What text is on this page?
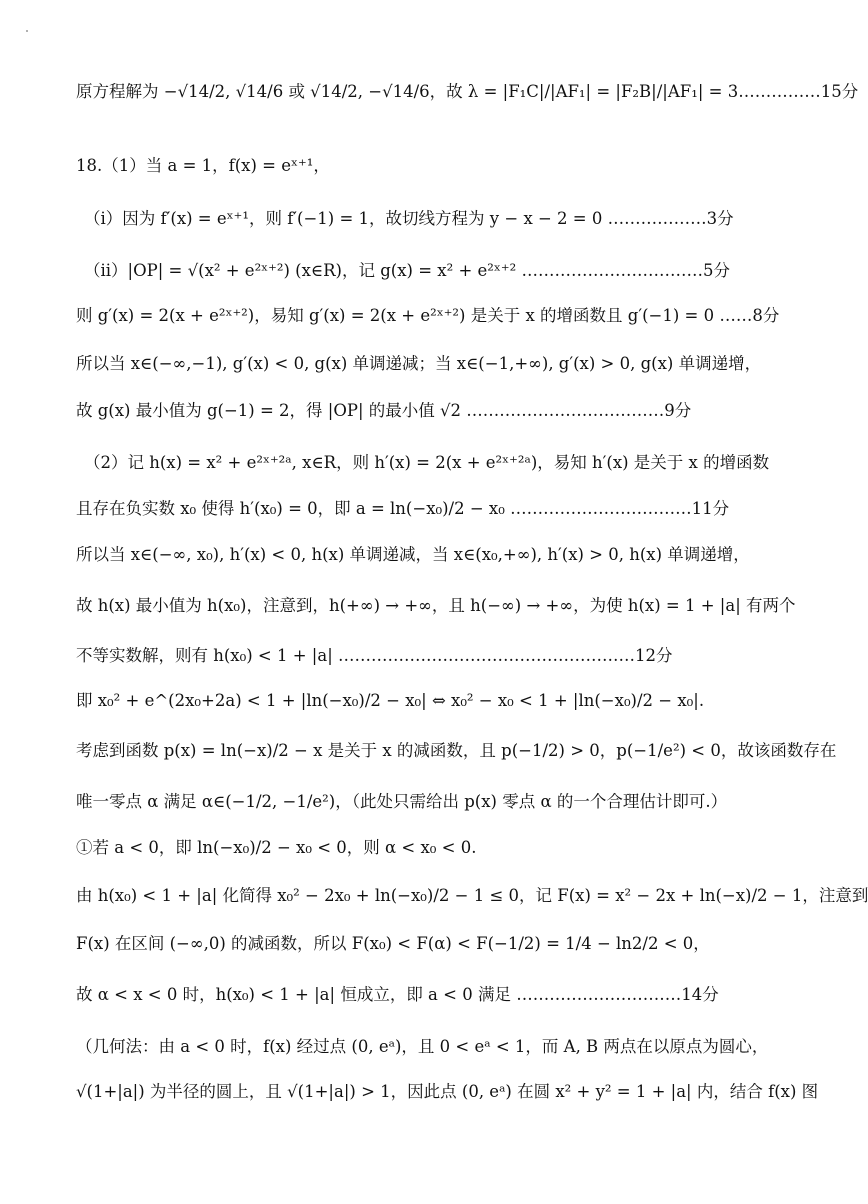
原方程解为 −√14/2, √14/6 或 √14/2, −√14/6，故 λ = |F₁C|/|AF₁| = |F₂B|/|AF₁| = 3……………15分
18.（1）当 a = 1，f(x) = eˣ⁺¹，
（i）因为 f′(x) = eˣ⁺¹，则 f′(−1) = 1，故切线方程为 y − x − 2 = 0 ………………3分
（ii）|OP| = √(x² + e²ˣ⁺²) (x∈R)，记 g(x) = x² + e²ˣ⁺² ……………………………5分
则 g′(x) = 2(x + e²ˣ⁺²)，易知 g′(x) = 2(x + e²ˣ⁺²) 是关于 x 的增函数且 g′(−1) = 0 ……8分
所以当 x∈(−∞,−1), g′(x) < 0, g(x) 单调递减；当 x∈(−1,+∞), g′(x) > 0, g(x) 单调递增，
故 g(x) 最小值为 g(−1) = 2，得 |OP| 的最小值 √2 ………………………………9分
（2）记 h(x) = x² + e²ˣ⁺²ᵃ, x∈R，则 h′(x) = 2(x + e²ˣ⁺²ᵃ)，易知 h′(x) 是关于 x 的增函数
且存在负实数 x₀ 使得 h′(x₀) = 0，即 a = ln(−x₀)/2 − x₀ ……………………………11分
所以当 x∈(−∞, x₀), h′(x) < 0, h(x) 单调递减，当 x∈(x₀,+∞), h′(x) > 0, h(x) 单调递增，
故 h(x) 最小值为 h(x₀)，注意到，h(+∞) → +∞，且 h(−∞) → +∞，为使 h(x) = 1 + |a| 有两个
不等实数解，则有 h(x₀) < 1 + |a| ………………………………………………12分
即 x₀² + e^(2x₀+2a) < 1 + |ln(−x₀)/2 − x₀| ⇔ x₀² − x₀ < 1 + |ln(−x₀)/2 − x₀|.
考虑到函数 p(x) = ln(−x)/2 − x 是关于 x 的减函数，且 p(−1/2) > 0，p(−1/e²) < 0，故该函数存在
唯一零点 α 满足 α∈(−1/2, −1/e²)，（此处只需给出 p(x) 零点 α 的一个合理估计即可.）
①若 a < 0，即 ln(−x₀)/2 − x₀ < 0，则 α < x₀ < 0.
由 h(x₀) < 1 + |a| 化简得 x₀² − 2x₀ + ln(−x₀)/2 − 1 ≤ 0，记 F(x) = x² − 2x + ln(−x)/2 − 1，注意到
F(x) 在区间 (−∞,0) 的减函数，所以 F(x₀) < F(α) < F(−1/2) = 1/4 − ln2/2 < 0，
故 α < x < 0 时，h(x₀) < 1 + |a| 恒成立，即 a < 0 满足 …………………………14分
（几何法：由 a < 0 时，f(x) 经过点 (0, eᵃ)，且 0 < eᵃ < 1，而 A, B 两点在以原点为圆心，
√(1+|a|) 为半径的圆上，且 √(1+|a|) > 1，因此点 (0, eᵃ) 在圆 x² + y² = 1 + |a| 内，结合 f(x) 图
